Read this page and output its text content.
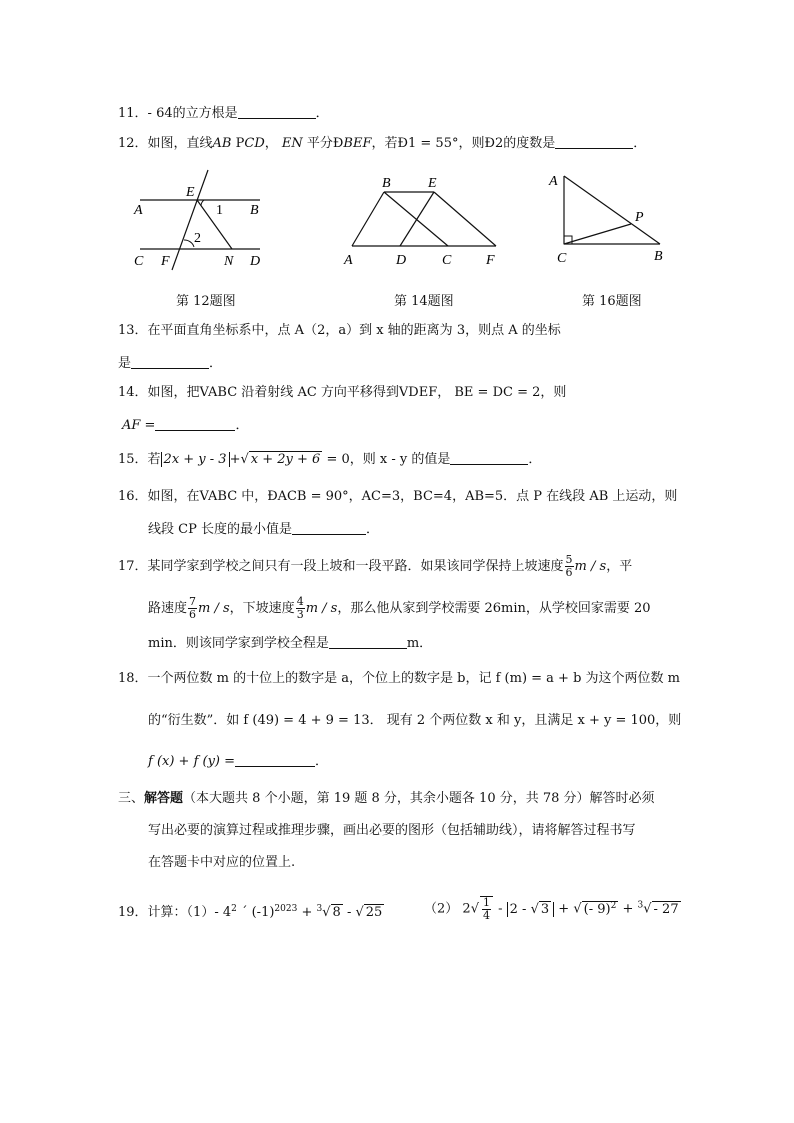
11．- 64的立方根是	．
12．如图，直线AB PCD， EN 平分ÐBEF，若Ð1 = 55°，则Ð2的度数是	．
A	B
E
1
2
C F	N D
第 12题图
B	E
A	D	C F
第 14题图
A
P
C	B
第 16题图
13．在平面直角坐标系中，点 A（2，a）到 x 轴的距离为 3，则点 A 的坐标
是	．
14．如图，把VABC 沿着射线 AC 方向平移得到VDEF， BE = DC = 2，则
AF =	．
15．若 2x + y - 3 +√ x + 2y + 6 = 0，则 x - y 的值是	．
16．如图，在VABC 中，ÐACB = 90°，AC=3，BC=4，AB=5．点 P 在线段 AB 上运动，则
线段 CP 长度的最小值是	．
17．某同学家到学校之间只有一段上坡和一段平路．如果该同学保持上坡速度 $\frac{5}{6}$ m / s，平
路速度 $\frac{7}{6}$ m / s，下坡速度 $\frac{4}{3}$ m / s，那么他从家到学校需要 26min，从学校回家需要 20
min．则该同学家到学校全程是	m．
18．一个两位数 m 的十位上的数字是 a，个位上的数字是 b，记 f (m) = a + b 为这个两位数 m
的“衍生数”．如 f (49) = 4 + 9 = 13． 现有 2 个两位数 x 和 y，且满足 x + y = 100，则
f (x) + f (y) =	．
三、解答题（本大题共 8 个小题，第 19 题 8 分，其余小题各 10 分，共 78 分）解答时必须
写出必要的演算过程或推理步骤，画出必要的图形（包括辅助线），请将解答过程书写
在答题卡中对应的位置上.
19．计算：（1）- $4^2$ ´ $(-1)^{2023} + ^3√$ 8 - √ 25	（2） $2√ \frac{1}{4} - 2$ - √ 3 + √ (- 9)$^2$ + $^3$√ - 27
